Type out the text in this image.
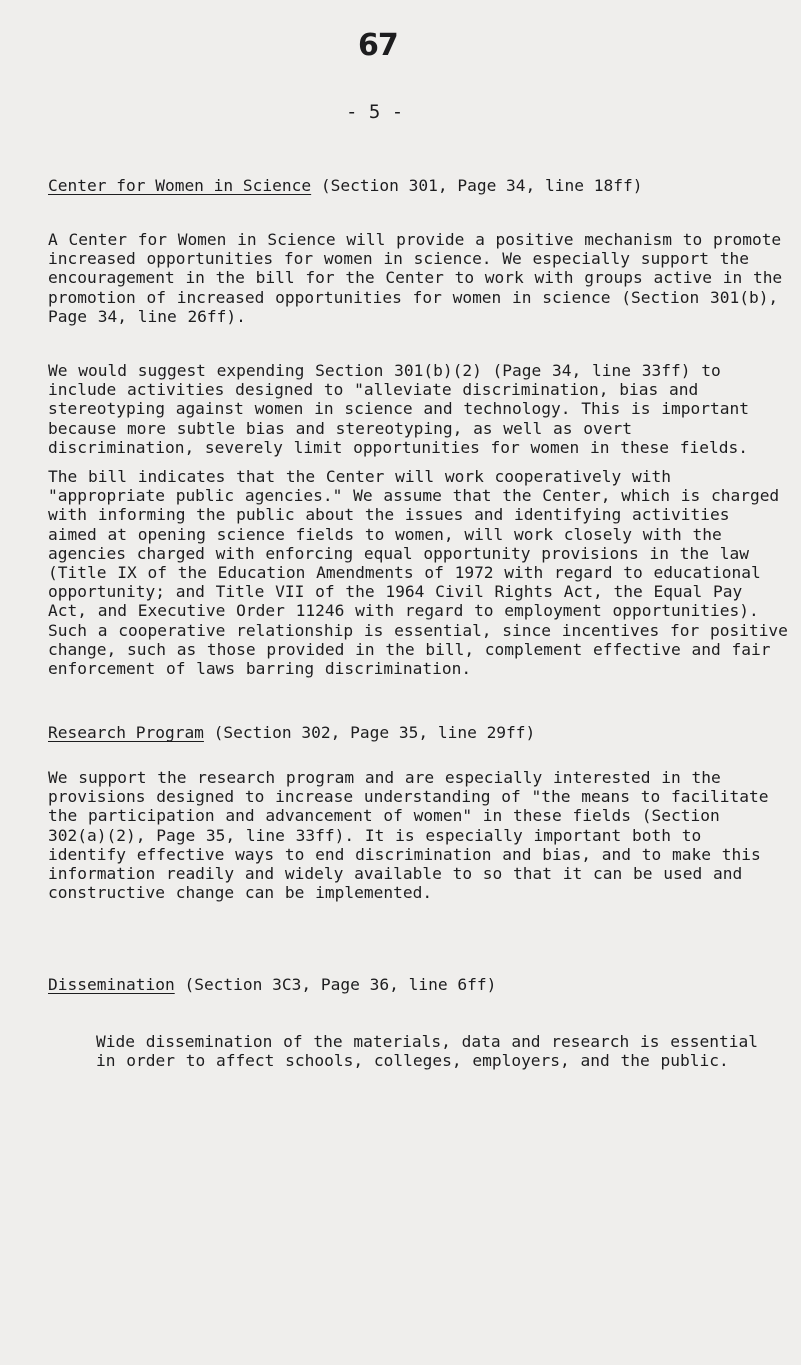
67
- 5 -

Center for Women in Science (Section 301, Page 34, line 18ff)

A Center for Women in Science will provide a positive mechanism to promote increased opportunities for women in science. We especially support the encouragement in the bill for the Center to work with groups active in the promotion of increased opportunities for women in science (Section 301(b), Page 34, line 26ff).

We would suggest expending Section 301(b)(2) (Page 34, line 33ff) to include activities designed to "alleviate discrimination, bias and stereotyping against women in science and technology. This is important because more subtle bias and stereotyping, as well as overt discrimination, severely limit opportunities for women in these fields.

The bill indicates that the Center will work cooperatively with "appropriate public agencies." We assume that the Center, which is charged with informing the public about the issues and identifying activities aimed at opening science fields to women, will work closely with the agencies charged with enforcing equal opportunity provisions in the law (Title IX of the Education Amendments of 1972 with regard to educational opportunity; and Title VII of the 1964 Civil Rights Act, the Equal Pay Act, and Executive Order 11246 with regard to employment opportunities). Such a cooperative relationship is essential, since incentives for positive change, such as those provided in the bill, complement effective and fair enforcement of laws barring discrimination.

Research Program (Section 302, Page 35, line 29ff)

We support the research program and are especially interested in the provisions designed to increase understanding of "the means to facilitate the participation and advancement of women" in these fields (Section 302(a)(2), Page 35, line 33ff). It is especially important both to identify effective ways to end discrimination and bias, and to make this information readily and widely available to so that it can be used and constructive change can be implemented.

Dissemination (Section 3C3, Page 36, line 6ff)

Wide dissemination of the materials, data and research is essential in order to affect schools, colleges, employers, and the public.
